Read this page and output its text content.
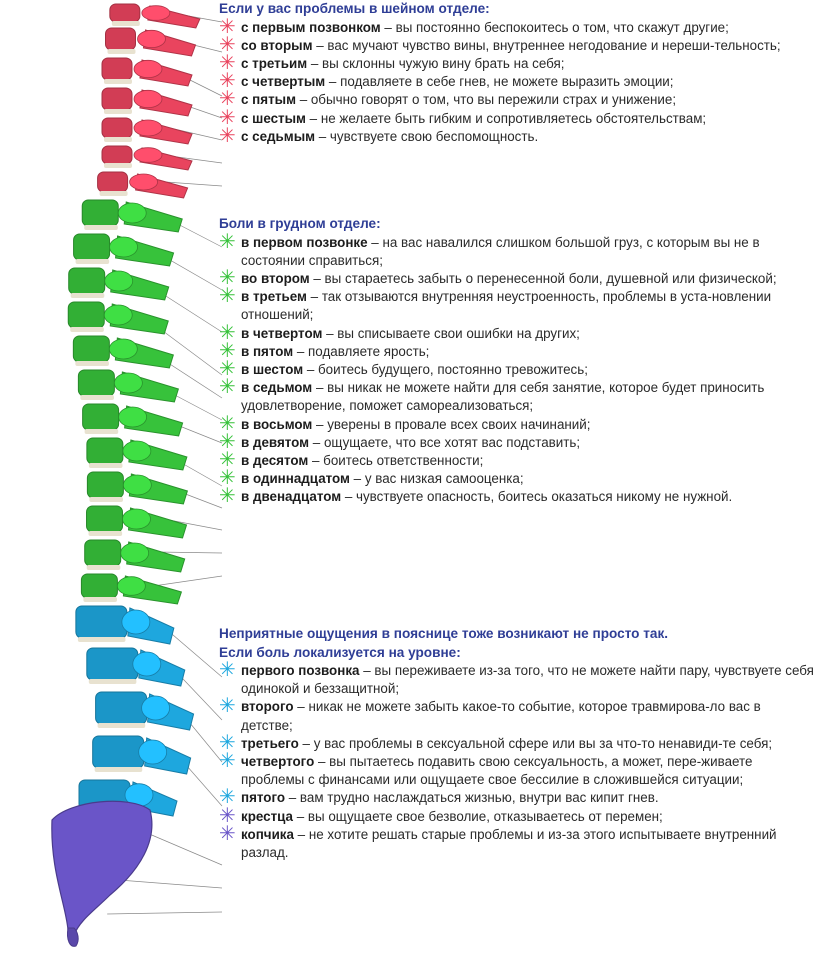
Если у вас проблемы в шейном отделе:
✳ с первым позвонком – вы постоянно беспокоитесь о том, что скажут другие;
✳ со вторым – вас мучают чувство вины, внутреннее негодование и нереши-тельность;
✳ с третьим – вы склонны чужую вину брать на себя;
✳ с четвертым – подавляете в себе гнев, не можете выразить эмоции;
✳ с пятым – обычно говорят о том, что вы пережили страх и унижение;
✳ с шестым – не желаете быть гибким и сопротивляетесь обстоятельствам;
✳ с седьмым – чувствуете свою беспомощность.
Боли в грудном отделе:
✳ в первом позвонке – на вас навалился слишком большой груз, с которым вы не в состоянии справиться;
✳ во втором – вы стараетесь забыть о перенесенной боли, душевной или физической;
✳ в третьем – так отзываются внутренняя неустроенность, проблемы в уста-новлении отношений;
✳ в четвертом – вы списываете свои ошибки на других;
✳ в пятом – подавляете ярость;
✳ в шестом – боитесь будущего, постоянно тревожитесь;
✳ в седьмом – вы никак не можете найти для себя занятие, которое будет приносить удовлетворение, поможет самореализоваться;
✳ в восьмом – уверены в провале всех своих начинаний;
✳ в девятом – ощущаете, что все хотят вас подставить;
✳ в десятом – боитесь ответственности;
✳ в одиннадцатом – у вас низкая самооценка;
✳ в двенадцатом – чувствуете опасность, боитесь оказаться никому не нужной.
Неприятные ощущения в пояснице тоже возникают не просто так.
Если боль локализуется на уровне:
✳ первого позвонка – вы переживаете из-за того, что не можете найти пару, чувствуете себя одинокой и беззащитной;
✳ второго – никак не можете забыть какое-то событие, которое травмирова-ло вас в детстве;
✳ третьего – у вас проблемы в сексуальной сфере или вы за что-то ненавиди-те себя;
✳ четвертого – вы пытаетесь подавить свою сексуальность, а может, пере-живаете проблемы с финансами или ощущаете свое бессилие в сложившейся ситуации;
✳ пятого – вам трудно наслаждаться жизнью, внутри вас кипит гнев.
✳ крестца – вы ощущаете свое безволие, отказываетесь от перемен;
✳ копчика – не хотите решать старые проблемы и из-за этого испытываете внутренний разлад.
